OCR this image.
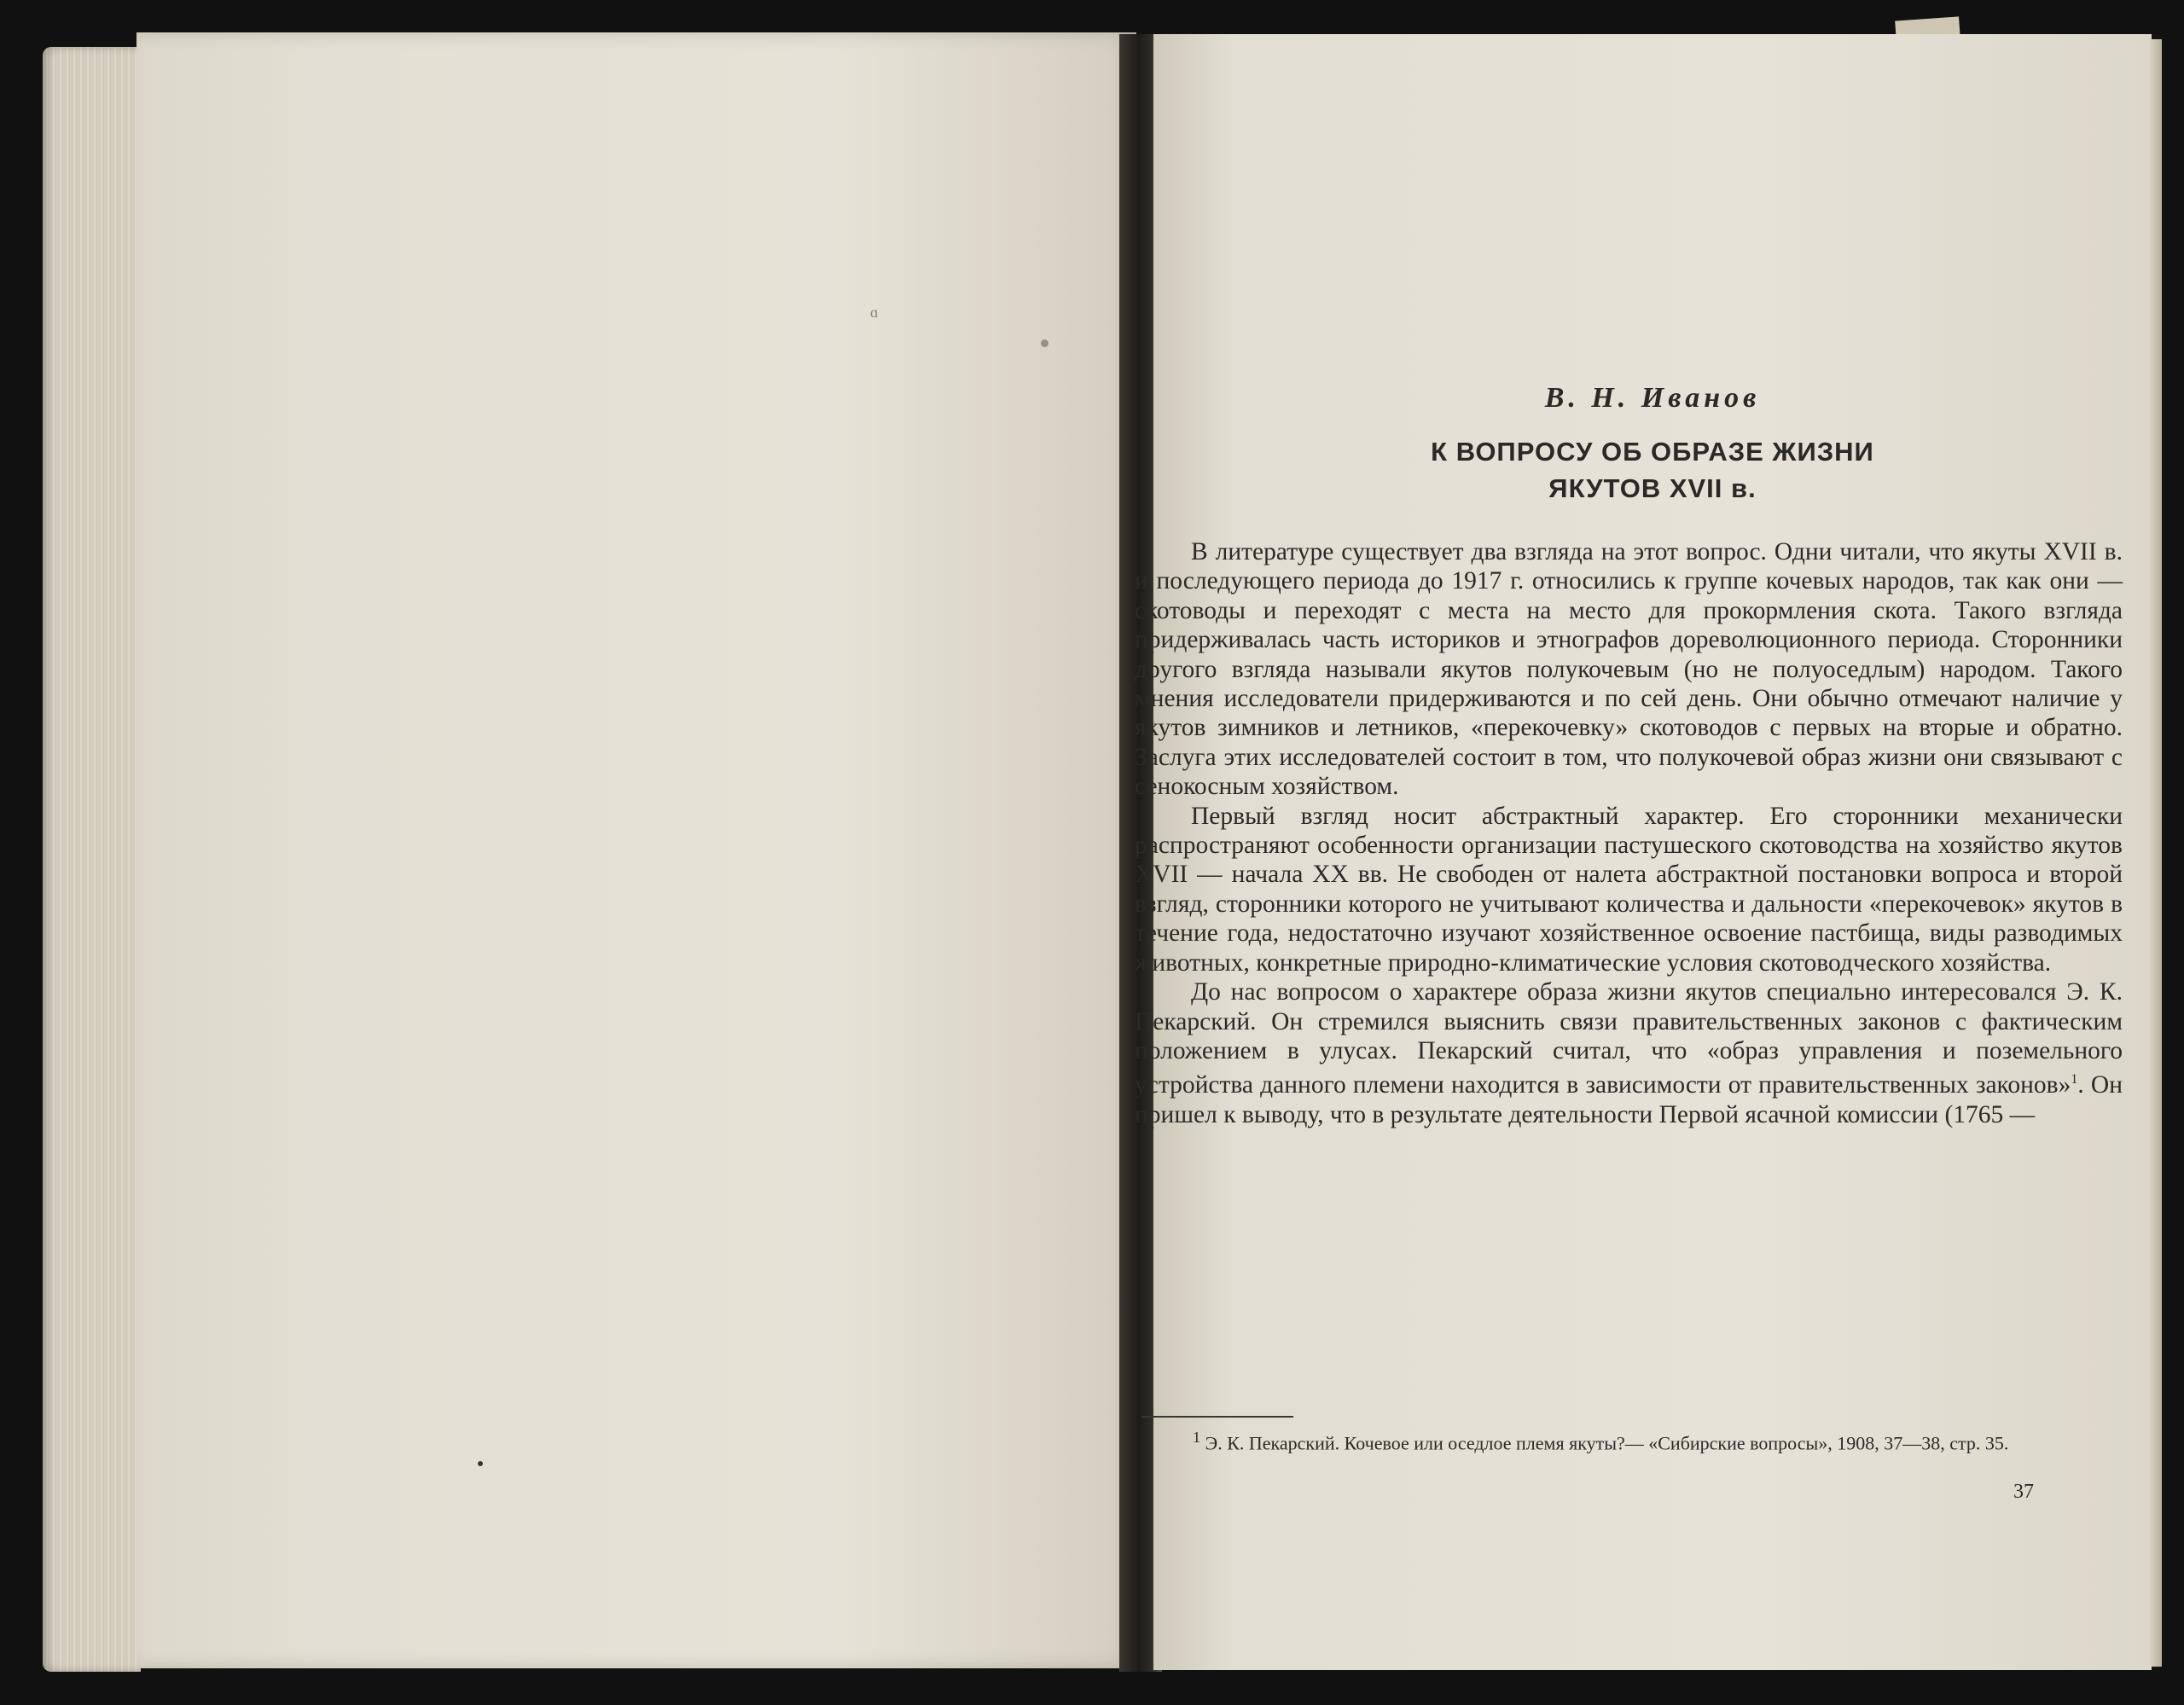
ɑ
В. Н. Иванов
К ВОПРОСУ ОБ ОБРАЗЕ ЖИЗНИ
ЯКУТОВ XVII в.

В литературе существует два взгляда на этот вопрос. Одни читали, что якуты XVII в. и последующего периода до 1917 г. относились к группе кочевых народов, так как они — скотоводы и переходят с места на место для прокормления скота. Такого взгляда придерживалась часть историков и этнографов дореволюционного периода. Сторонники другого взгляда называли якутов полукочевым (но не полуоседлым) народом. Такого мнения исследователи придерживаются и по сей день. Они обычно отмечают наличие у якутов зимников и летников, «перекочевку» скотоводов с первых на вторые и обратно. Заслуга этих исследователей состоит в том, что полукочевой образ жизни они связывают с сенокосным хозяйством.

Первый взгляд носит абстрактный характер. Его сторонники механически распространяют особенности организации пастушеского скотоводства на хозяйство якутов XVII — начала XX вв. Не свободен от налета абстрактной постановки вопроса и второй взгляд, сторонники которого не учитывают количества и дальности «перекочевок» якутов в течение года, недостаточно изучают хозяйственное освоение пастбища, виды разводимых животных, конкретные природно-климатические условия скотоводческого хозяйства.

До нас вопросом о характере образа жизни якутов специально интересовался Э. К. Пекарский. Он стремился выяснить связи правительственных законов с фактическим положением в улусах. Пекарский считал, что «образ управления и поземельного устройства данного племени находится в зависимости от правительственных законов»$^1$. Он пришел к выводу, что в результате деятельности Первой ясачной комиссии (1765 —

$^1$ Э. К. Пекарский. Кочевое или оседлое племя якуты?— «Сибирские вопросы», 1908, 37—38, стр. 35.
37
